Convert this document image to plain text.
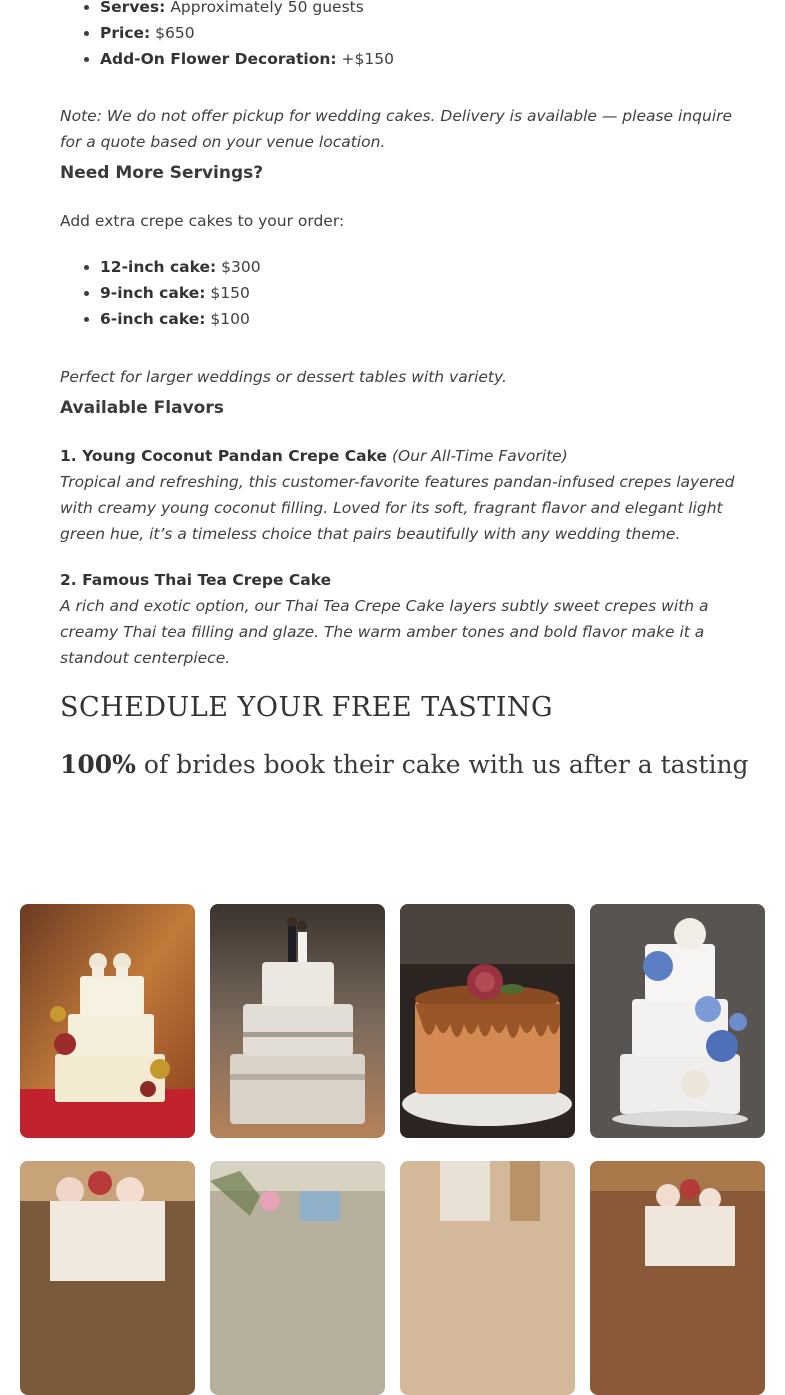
• Serves: Approximately 50 guests
• Price: $650
• Add-On Flower Decoration: +$150

Note: We do not offer pickup for wedding cakes. Delivery is available — please inquire for a quote based on your venue location.

Need More Servings?

Add extra crepe cakes to your order:

• 12-inch cake: $300
• 9-inch cake: $150
• 6-inch cake: $100

Perfect for larger weddings or dessert tables with variety.

Available Flavors
1. Young Coconut Pandan Crepe Cake (Our All-Time Favorite)
Tropical and refreshing, this customer-favorite features pandan-infused crepes layered with creamy young coconut filling. Loved for its soft, fragrant flavor and elegant light green hue, it’s a timeless choice that pairs beautifully with any wedding theme.
2. Famous Thai Tea Crepe Cake
A rich and exotic option, our Thai Tea Crepe Cake layers subtly sweet crepes with a creamy Thai tea filling and glaze. The warm amber tones and bold flavor make it a standout centerpiece.
SCHEDULE YOUR FREE TASTING
100% of brides book their cake with us after a tasting
